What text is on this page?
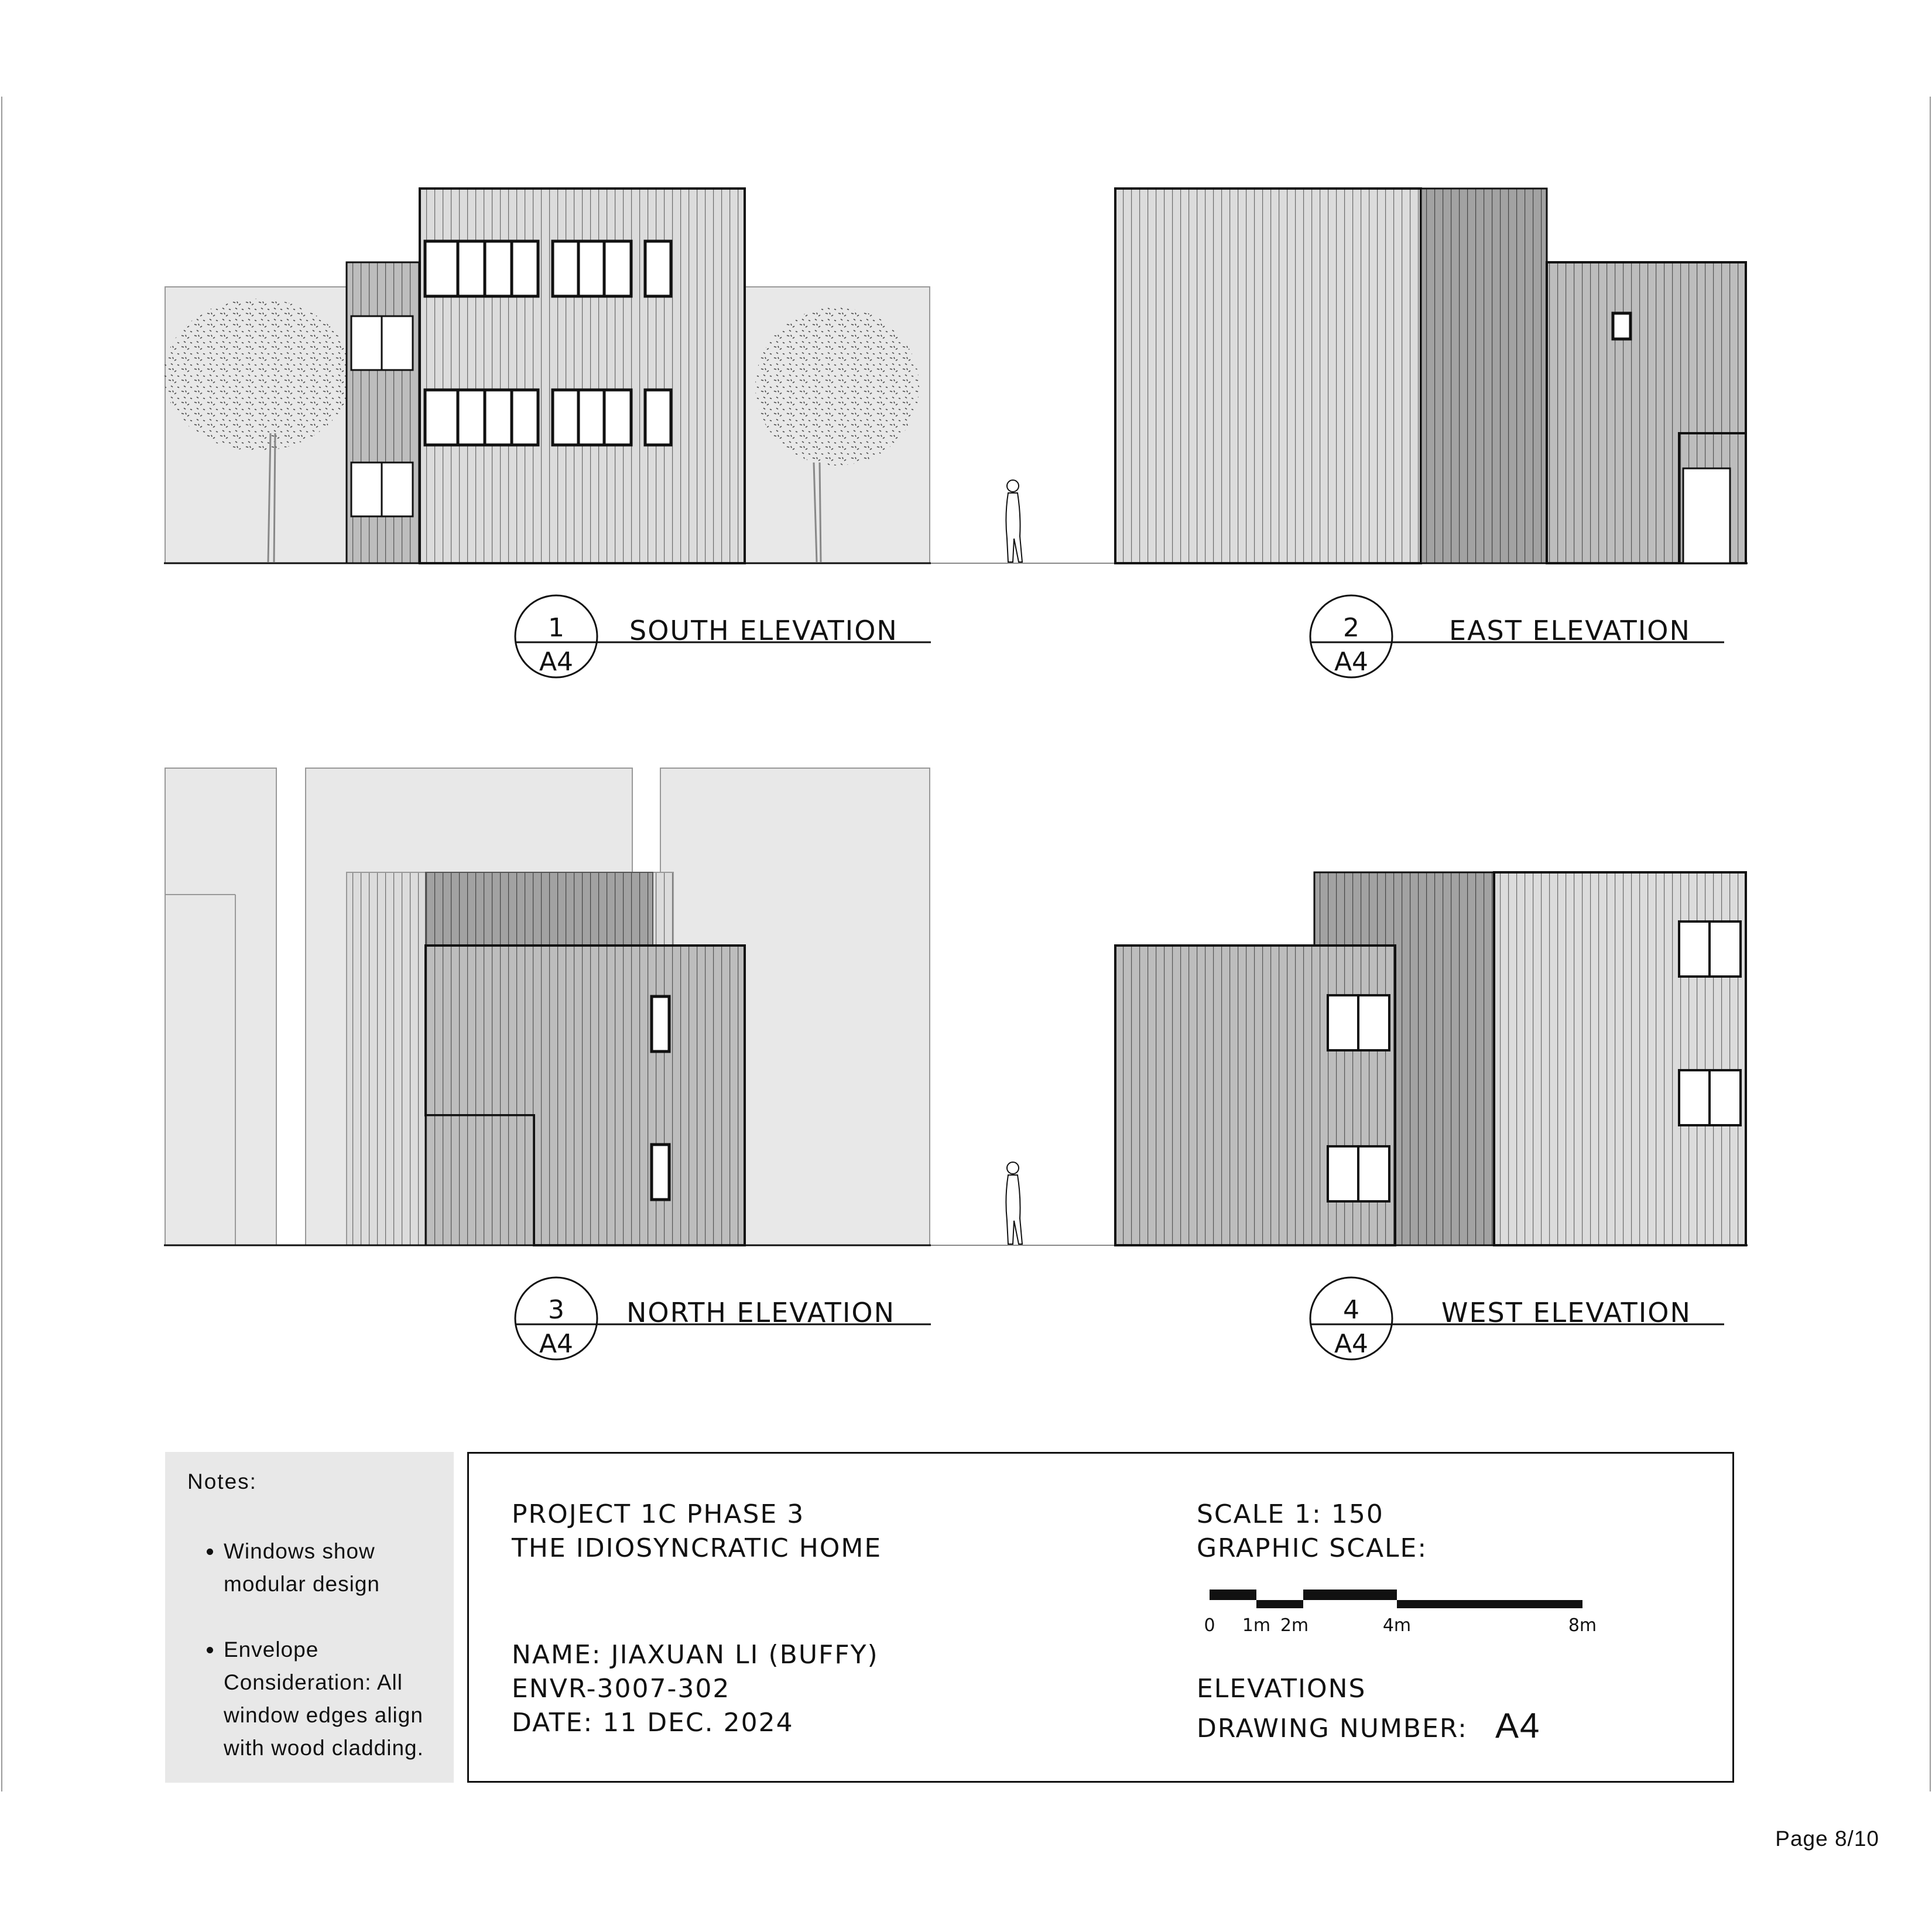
1
A4
SOUTH ELEVATION	2
A4
EAST ELEVATION
3
A4
NORTH ELEVATION	4
A4
WEST ELEVATION
Notes:
• Windows show modular design
• Envelope Consideration: All window edges align with wood cladding.
PROJECT 1C PHASE 3
THE IDIOSYNCRATIC HOME
NAME: JIAXUAN LI (BUFFY)
ENVR-3007-302
DATE: 11 DEC. 2024
SCALE 1: 150
GRAPHIC SCALE:
0 1m 2m	4m	8m
ELEVATIONS
DRAWING NUMBER: A4
Page 8/10
